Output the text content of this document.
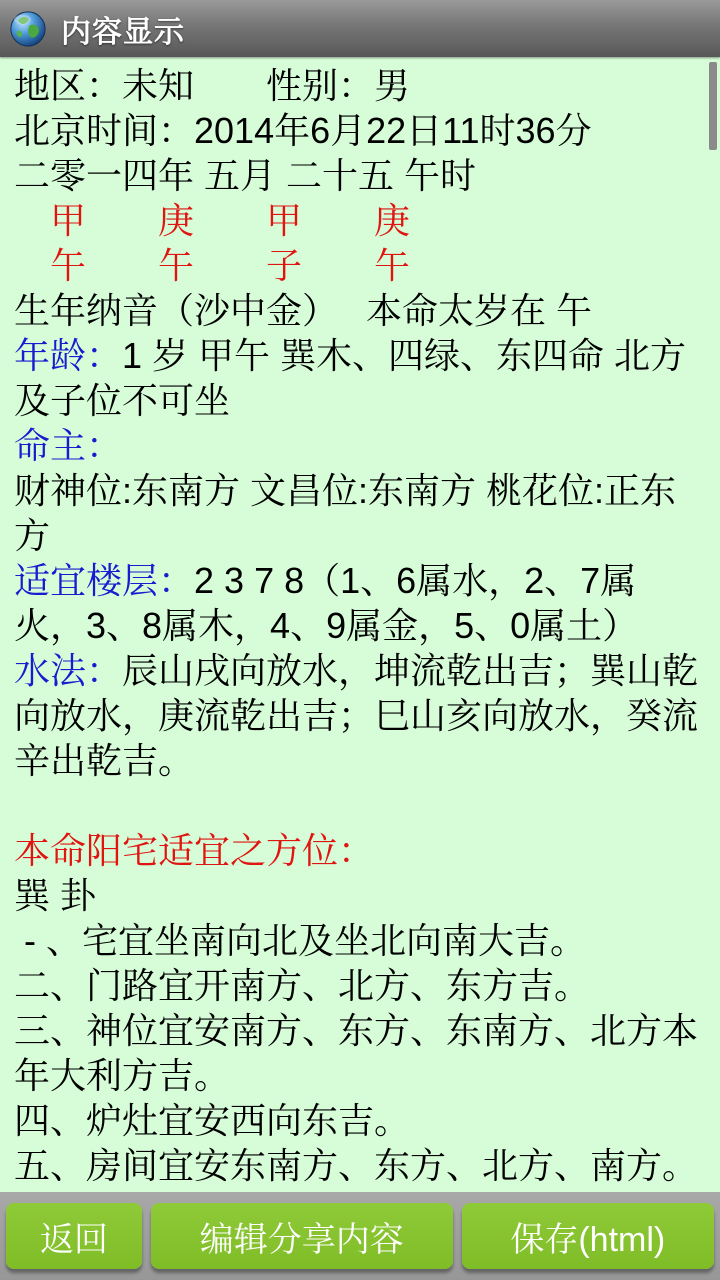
内容显示
地区：未知　　性别：男
北京时间：2014年6月22日11时36分
二零一四年 五月 二十五 午时
　甲　　庚　　甲　　庚
　午　　午　　子　　午
生年纳音（沙中金）　 本命太岁在 午
年龄：1 岁 甲午 巽木、四绿、东四命 北方
及子位不可坐
命主：
财神位:东南方 文昌位:东南方 桃花位:正东
方
适宜楼层：2 3 7 8（1、6属水，2、7属
火，3、8属木，4、9属金，5、0属土）
水法：辰山戌向放水，坤流乾出吉；巽山乾
向放水，庚流乾出吉；巳山亥向放水，癸流
辛出乾吉。
本命阳宅适宜之方位：
巽 卦
- 、宅宜坐南向北及坐北向南大吉。
二、门路宜开南方、北方、东方吉。
三、神位宜安南方、东方、东南方、北方本
年大利方吉。
四、炉灶宜安西向东吉。
五、房间宜安东南方、东方、北方、南方。
返回	编辑分享内容	保存(html)
